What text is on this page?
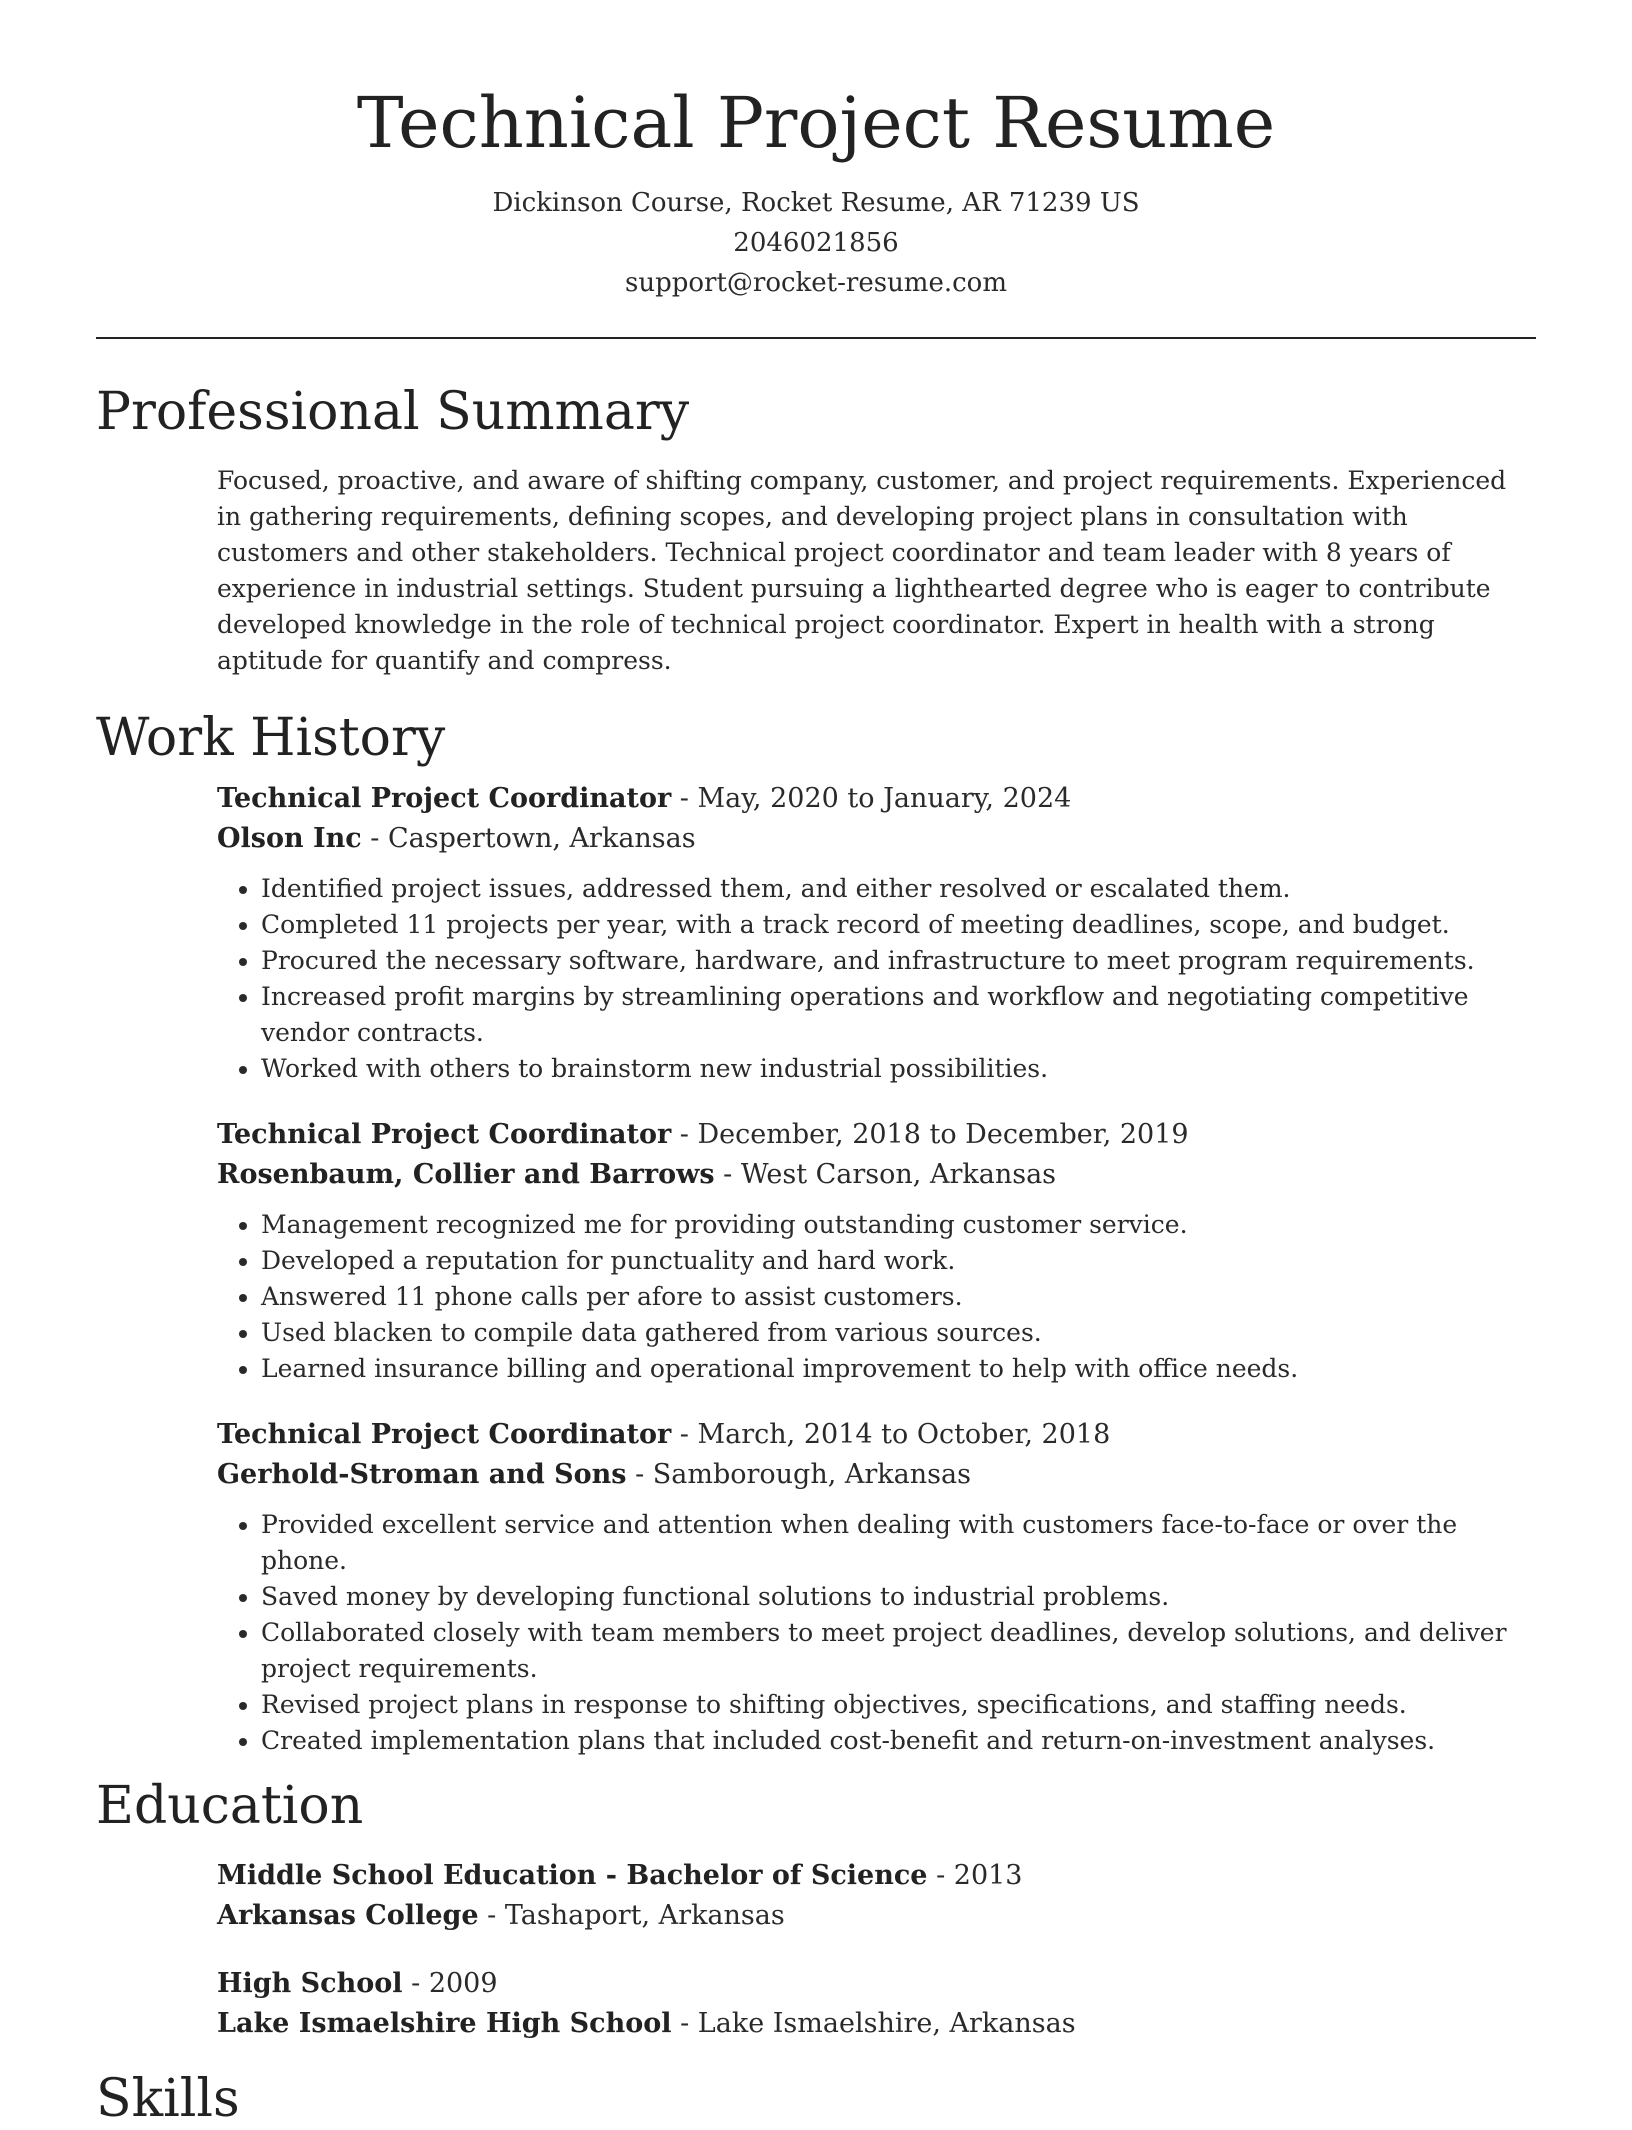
Technical Project Resume
Dickinson Course, Rocket Resume, AR 71239 US
2046021856
support@rocket-resume.com
Professional Summary

Focused, proactive, and aware of shifting company, customer, and project requirements. Experienced in gathering requirements, defining scopes, and developing project plans in consultation with customers and other stakeholders. Technical project coordinator and team leader with 8 years of experience in industrial settings. Student pursuing a lighthearted degree who is eager to contribute developed knowledge in the role of technical project coordinator. Expert in health with a strong aptitude for quantify and compress.

Work History
Technical Project Coordinator - May, 2020 to January, 2024
Olson Inc - Caspertown, Arkansas
• Identified project issues, addressed them, and either resolved or escalated them.
• Completed 11 projects per year, with a track record of meeting deadlines, scope, and budget.
• Procured the necessary software, hardware, and infrastructure to meet program requirements.
• Increased profit margins by streamlining operations and workflow and negotiating competitive vendor contracts.
• Worked with others to brainstorm new industrial possibilities.
Technical Project Coordinator - December, 2018 to December, 2019
Rosenbaum, Collier and Barrows - West Carson, Arkansas
• Management recognized me for providing outstanding customer service.
• Developed a reputation for punctuality and hard work.
• Answered 11 phone calls per afore to assist customers.
• Used blacken to compile data gathered from various sources.
• Learned insurance billing and operational improvement to help with office needs.
Technical Project Coordinator - March, 2014 to October, 2018
Gerhold-Stroman and Sons - Samborough, Arkansas
• Provided excellent service and attention when dealing with customers face-to-face or over the phone.
• Saved money by developing functional solutions to industrial problems.
• Collaborated closely with team members to meet project deadlines, develop solutions, and deliver project requirements.
• Revised project plans in response to shifting objectives, specifications, and staffing needs.
• Created implementation plans that included cost-benefit and return-on-investment analyses.
Education
Middle School Education - Bachelor of Science - 2013
Arkansas College - Tashaport, Arkansas
High School - 2009
Lake Ismaelshire High School - Lake Ismaelshire, Arkansas
Skills
